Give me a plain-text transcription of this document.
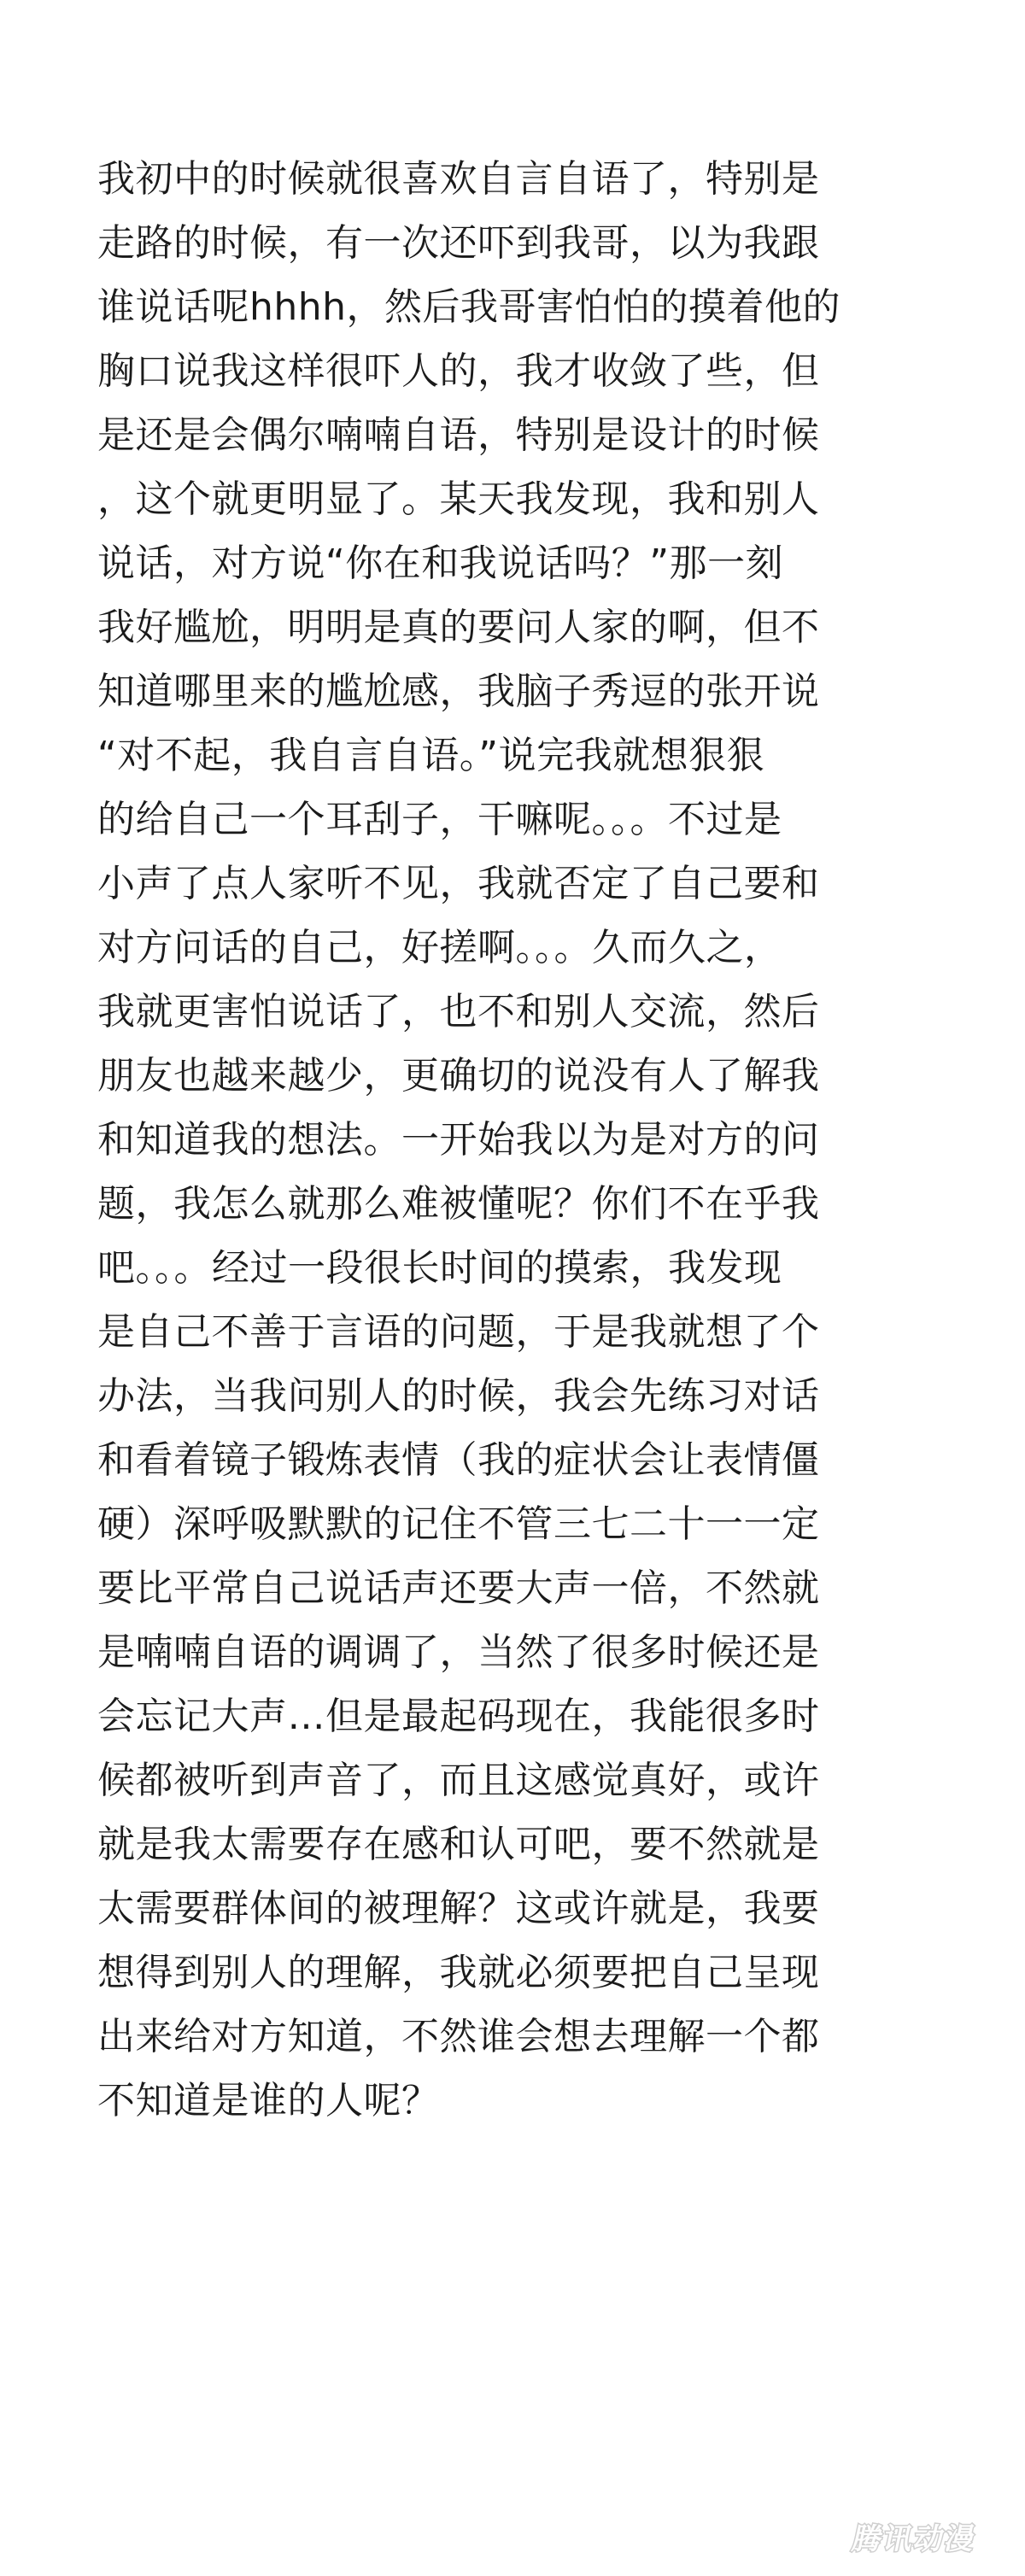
我初中的时候就很喜欢自言自语了，特别是
走路的时候，有一次还吓到我哥，以为我跟
谁说话呢hhhh，然后我哥害怕怕的摸着他的
胸口说我这样很吓人的，我才收敛了些，但
是还是会偶尔喃喃自语，特别是设计的时候
，这个就更明显了。某天我发现，我和别人
说话，对方说“你在和我说话吗？”那一刻
我好尴尬，明明是真的要问人家的啊，但不
知道哪里来的尴尬感，我脑子秀逗的张开说
“对不起，我自言自语。”说完我就想狠狠
的给自己一个耳刮子，干嘛呢。。。不过是
小声了点人家听不见，我就否定了自己要和
对方问话的自己，好搓啊。。。久而久之，
我就更害怕说话了，也不和别人交流，然后
朋友也越来越少，更确切的说没有人了解我
和知道我的想法。一开始我以为是对方的问
题，我怎么就那么难被懂呢？你们不在乎我
吧。。。经过一段很长时间的摸索，我发现
是自己不善于言语的问题，于是我就想了个
办法，当我问别人的时候，我会先练习对话
和看着镜子锻炼表情（我的症状会让表情僵
硬）深呼吸默默的记住不管三七二十一一定
要比平常自己说话声还要大声一倍，不然就
是喃喃自语的调调了，当然了很多时候还是
会忘记大声…但是最起码现在，我能很多时
候都被听到声音了，而且这感觉真好，或许
就是我太需要存在感和认可吧，要不然就是
太需要群体间的被理解？这或许就是，我要
想得到别人的理解，我就必须要把自己呈现
出来给对方知道，不然谁会想去理解一个都
不知道是谁的人呢？
腾讯动漫
